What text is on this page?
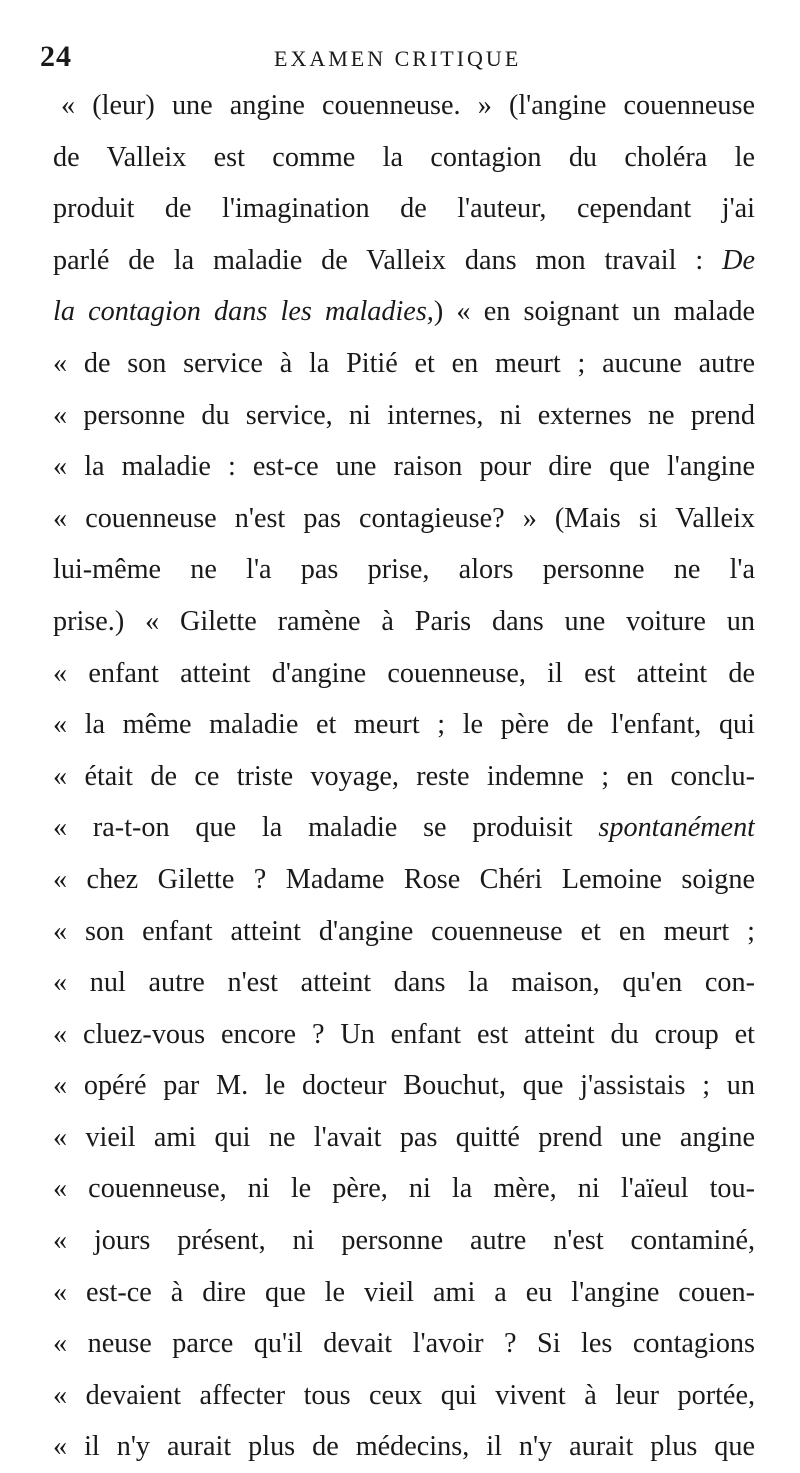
24	EXAMEN CRITIQUE
« (leur) une angine couenneuse. » (l'angine couenneuse
de Valleix est comme la contagion du choléra le
produit de l'imagination de l'auteur, cependant j'ai
parlé de la maladie de Valleix dans mon travail : De
la contagion dans les maladies,) « en soignant un malade
« de son service à la Pitié et en meurt ; aucune autre
« personne du service, ni internes, ni externes ne prend
« la maladie : est-ce une raison pour dire que l'angine
« couenneuse n'est pas contagieuse? » (Mais si Valleix
lui-même ne l'a pas prise, alors personne ne l'a
prise.) « Gilette ramène à Paris dans une voiture un
« enfant atteint d'angine couenneuse, il est atteint de
« la même maladie et meurt ; le père de l'enfant, qui
« était de ce triste voyage, reste indemne ; en conclu-
« ra-t-on que la maladie se produisit spontanément
« chez Gilette ? Madame Rose Chéri Lemoine soigne
« son enfant atteint d'angine couenneuse et en meurt ;
« nul autre n'est atteint dans la maison, qu'en con-
« cluez-vous encore ? Un enfant est atteint du croup et
« opéré par M. le docteur Bouchut, que j'assistais ; un
« vieil ami qui ne l'avait pas quitté prend une angine
« couenneuse, ni le père, ni la mère, ni l'aïeul tou-
« jours présent, ni personne autre n'est contaminé,
« est-ce à dire que le vieil ami a eu l'angine couen-
« neuse parce qu'il devait l'avoir ? Si les contagions
« devaient affecter tous ceux qui vivent à leur portée,
« il n'y aurait plus de médecins, il n'y aurait plus que
